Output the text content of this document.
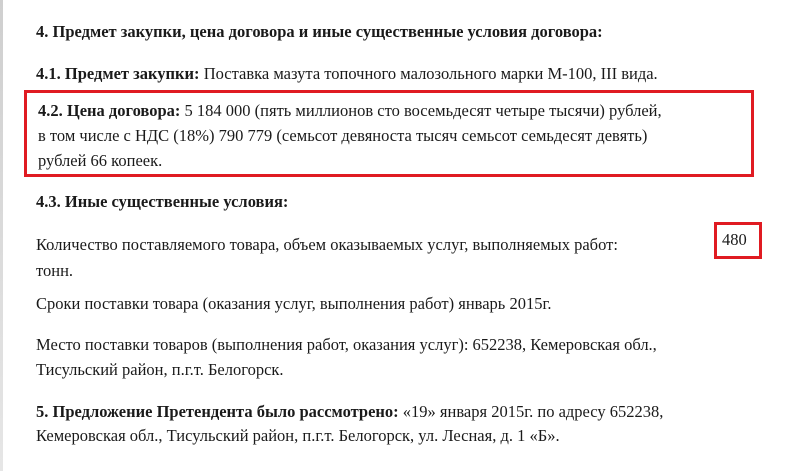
4. Предмет закупки, цена договора и иные существенные условия договора:
4.1. Предмет закупки: Поставка мазута топочного малозольного марки М-100, III вида.
4.2. Цена договора: 5 184 000 (пять миллионов сто восемьдесят четыре тысячи) рублей,
в том числе с НДС (18%) 790 779 (семьсот девяноста тысяч семьсот семьдесят девять)
рублей 66 копеек.
4.3. Иные существенные условия:
Количество поставляемого товара, объем оказываемых услуг, выполняемых работ:	480
тонн.
Сроки поставки товара (оказания услуг, выполнения работ) январь 2015г.
Место поставки товаров (выполнения работ, оказания услуг): 652238, Кемеровская обл.,
Тисульский район, п.г.т. Белогорск.
5. Предложение Претендента было рассмотрено: «19» января 2015г. по адресу 652238,
Кемеровская обл., Тисульский район, п.г.т. Белогорск, ул. Лесная, д. 1 «Б».
